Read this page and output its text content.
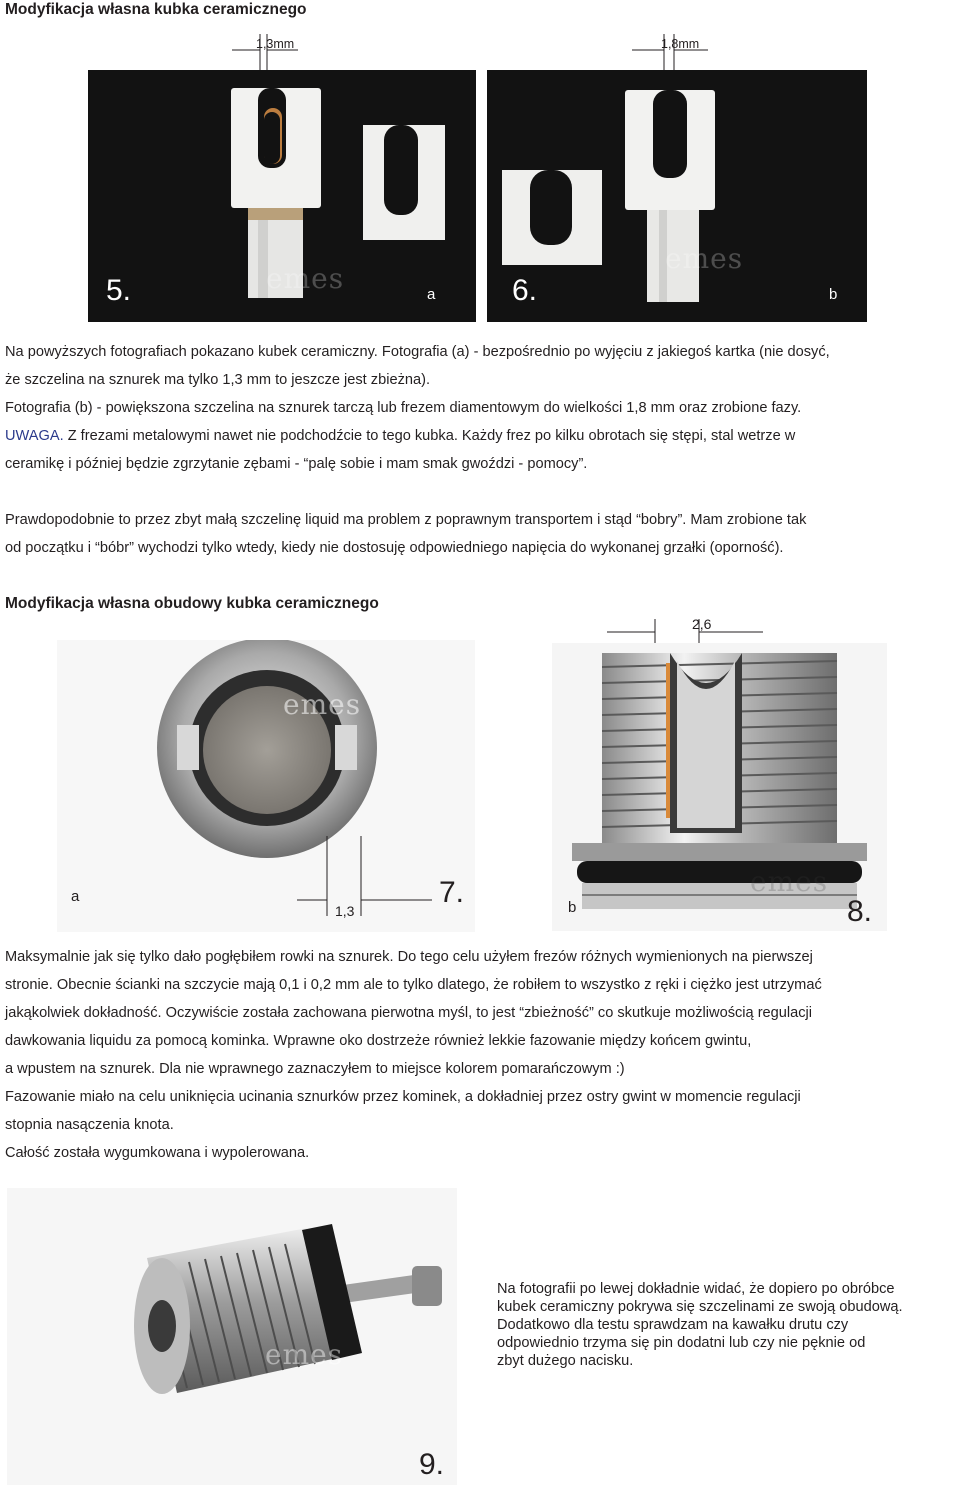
Modyfikacja własna kubka ceramicznego
1,3mm
emes
5.	a
1,8mm
emes
6.	b

Na powyższych fotografiach pokazano kubek ceramiczny. Fotografia (a) - bezpośrednio po wyjęciu z jakiegoś kartka (nie dosyć,

że szczelina na sznurek ma tylko 1,3 mm to jeszcze jest zbieżna).

Fotografia (b) - powiększona szczelina na sznurek tarczą lub frezem diamentowym do wielkości 1,8 mm oraz zrobione fazy.

UWAGA. Z frezami metalowymi nawet nie podchodźcie to tego kubka. Każdy frez po kilku obrotach się stępi, stal wetrze w

ceramikę i później będzie zgrzytanie zębami - “palę sobie i mam smak gwoździ - pomocy”.

Prawdopodobnie to przez zbyt małą szczelinę liquid ma problem z poprawnym transportem i stąd “bobry”. Mam zrobione tak

od początku i “bóbr” wychodzi tylko wtedy, kiedy nie dostosuję odpowiedniego napięcia do wykonanej grzałki (oporność).

Modyfikacja własna obudowy kubka ceramicznego
2,6
emes
1,3
7.
a	emes
8.
b

Maksymalnie jak się tylko dało pogłębiłem rowki na sznurek. Do tego celu użyłem frezów różnych wymienionych na pierwszej

stronie. Obecnie ścianki na szczycie mają 0,1 i 0,2 mm ale to tylko dlatego, że robiłem to wszystko z ręki i ciężko jest utrzymać

jakąkolwiek dokładność. Oczywiście została zachowana pierwotna myśl, to jest “zbieżność” co skutkuje możliwością regulacji

dawkowania liquidu za pomocą kominka. Wprawne oko dostrzeże również lekkie fazowanie między końcem gwintu,

a wpustem na sznurek. Dla nie wprawnego zaznaczyłem to miejsce kolorem pomarańczowym :)

Fazowanie miało na celu uniknięcia ucinania sznurków przez kominek, a dokładniej przez ostry gwint w momencie regulacji

stopnia nasączenia knota.

Całość została wygumkowana i wypolerowana.

emes
9.
Na fotografii po lewej dokładnie widać, że dopiero po obróbce
kubek ceramiczny pokrywa się szczelinami ze swoją obudową.
Dodatkowo dla testu sprawdzam na kawałku drutu czy
odpowiednio trzyma się pin dodatni lub czy nie pęknie od
zbyt dużego nacisku.
